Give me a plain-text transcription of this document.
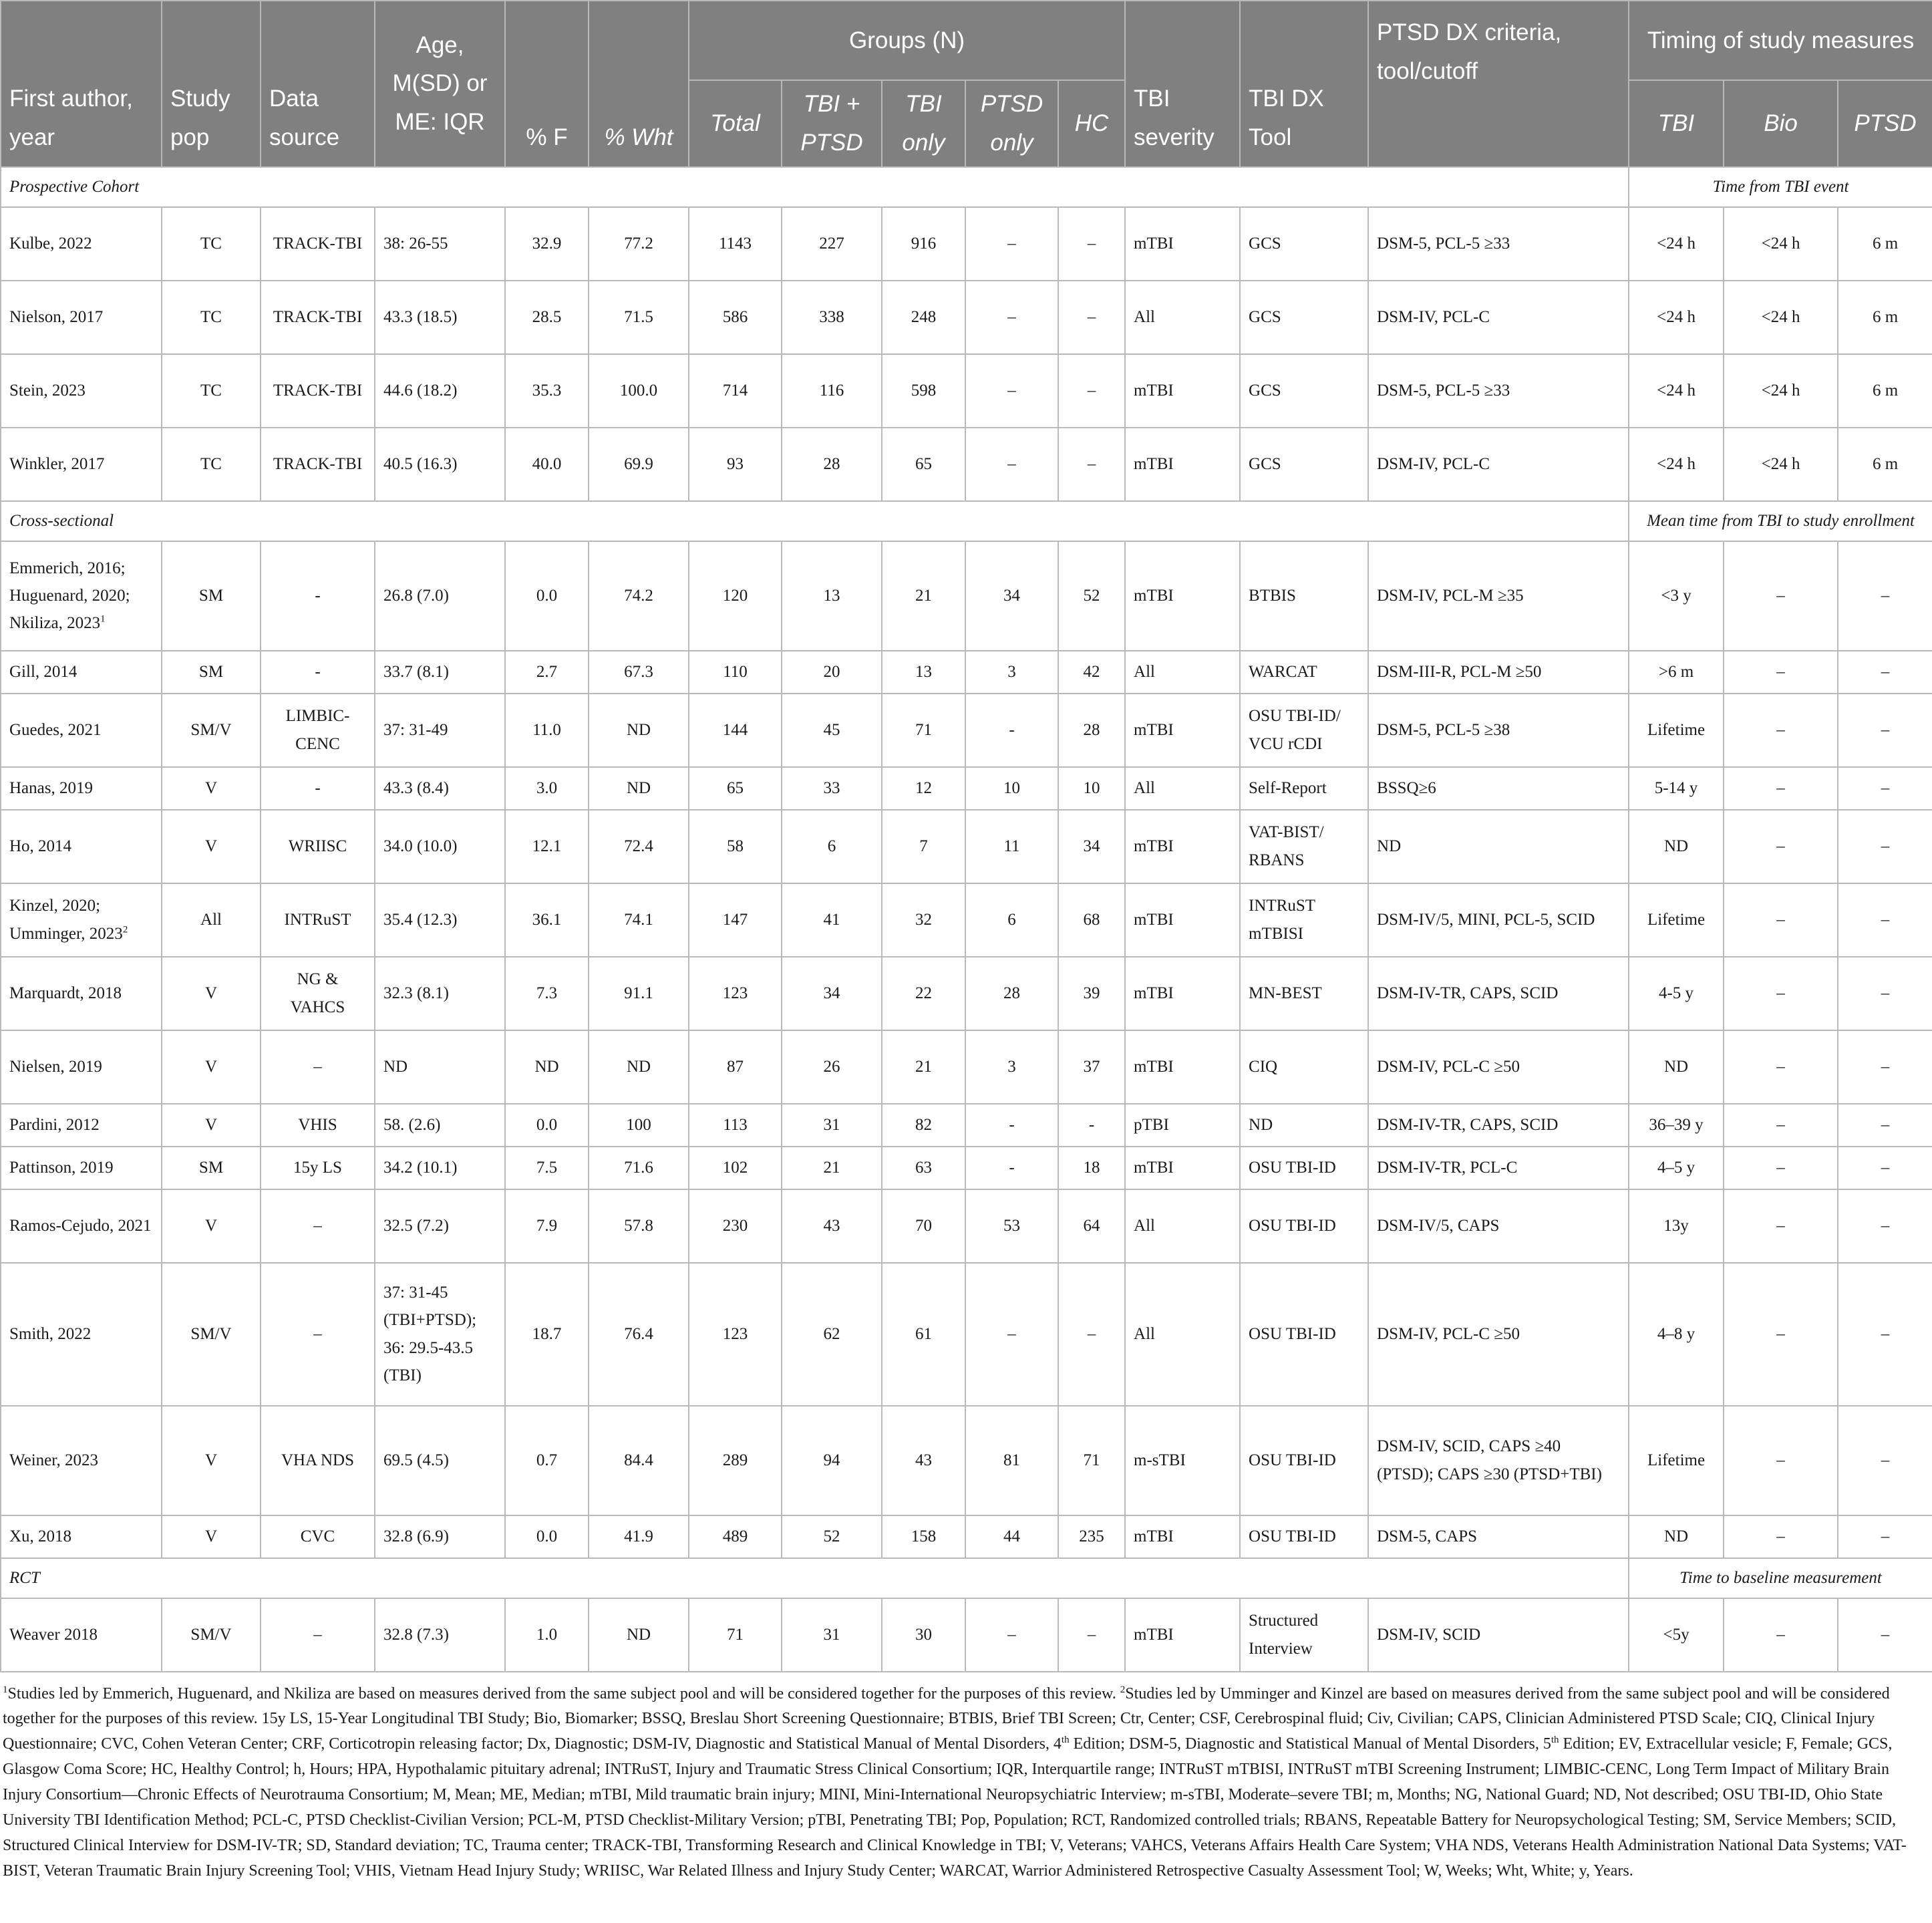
First author, year	Study pop	Data source	Age, M(SD) or ME: IQR	% F	% Wht	Groups (N)					TBI severity	TBI DX Tool	PTSD DX criteria, tool/cutoff	Timing of study measures		
						Total	TBI + PTSD	TBI only	PTSD only	HC				TBI	Bio	PTSD
Prospective Cohort														Time from TBI event		
Kulbe, 2022	TC	TRACK-TBI	38: 26-55	32.9	77.2	1143	227	916	–	–	mTBI	GCS	DSM-5, PCL-5 ≥33	<24 h	<24 h	6 m
Nielson, 2017	TC	TRACK-TBI	43.3 (18.5)	28.5	71.5	586	338	248	–	–	All	GCS	DSM-IV, PCL-C	<24 h	<24 h	6 m
Stein, 2023	TC	TRACK-TBI	44.6 (18.2)	35.3	100.0	714	116	598	–	–	mTBI	GCS	DSM-5, PCL-5 ≥33	<24 h	<24 h	6 m
Winkler, 2017	TC	TRACK-TBI	40.5 (16.3)	40.0	69.9	93	28	65	–	–	mTBI	GCS	DSM-IV, PCL-C	<24 h	<24 h	6 m
Cross-sectional														Mean time from TBI to study enrollment		
Emmerich, 2016; Huguenard, 2020; Nkiliza, 2023$^1$	SM	-	26.8 (7.0)	0.0	74.2	120	13	21	34	52	mTBI	BTBIS	DSM-IV, PCL-M ≥35	<3 y	–	–
Gill, 2014	SM	-	33.7 (8.1)	2.7	67.3	110	20	13	3	42	All	WARCAT	DSM-III-R, PCL-M ≥50	>6 m	–	–
Guedes, 2021	SM/V	LIMBIC-CENC	37: 31-49	11.0	ND	144	45	71	-	28	mTBI	OSU TBI-ID/ VCU rCDI	DSM-5, PCL-5 ≥38	Lifetime	–	–
Hanas, 2019	V	-	43.3 (8.4)	3.0	ND	65	33	12	10	10	All	Self-Report	BSSQ≥6	5-14 y	–	–
Ho, 2014	V	WRIISC	34.0 (10.0)	12.1	72.4	58	6	7	11	34	mTBI	VAT-BIST/ RBANS	ND	ND	–	–
Kinzel, 2020; Umminger, 2023$^2$	All	INTRuST	35.4 (12.3)	36.1	74.1	147	41	32	6	68	mTBI	INTRuST mTBISI	DSM-IV/5, MINI, PCL-5, SCID	Lifetime	–	–
Marquardt, 2018	V	NG & VAHCS	32.3 (8.1)	7.3	91.1	123	34	22	28	39	mTBI	MN-BEST	DSM-IV-TR, CAPS, SCID	4-5 y	–	–
Nielsen, 2019	V	–	ND	ND	ND	87	26	21	3	37	mTBI	CIQ	DSM-IV, PCL-C ≥50	ND	–	–
Pardini, 2012	V	VHIS	58. (2.6)	0.0	100	113	31	82	-	-	pTBI	ND	DSM-IV-TR, CAPS, SCID	36–39 y	–	–
Pattinson, 2019	SM	15y LS	34.2 (10.1)	7.5	71.6	102	21	63	-	18	mTBI	OSU TBI-ID	DSM-IV-TR, PCL-C	4–5 y	–	–
Ramos-Cejudo, 2021	V	–	32.5 (7.2)	7.9	57.8	230	43	70	53	64	All	OSU TBI-ID	DSM-IV/5, CAPS	13y	–	–
Smith, 2022	SM/V	–	37: 31-45 (TBI+PTSD); 36: 29.5-43.5 (TBI)	18.7	76.4	123	62	61	–	–	All	OSU TBI-ID	DSM-IV, PCL-C ≥50	4–8 y	–	–
Weiner, 2023	V	VHA NDS	69.5 (4.5)	0.7	84.4	289	94	43	81	71	m-sTBI	OSU TBI-ID	DSM-IV, SCID, CAPS ≥40 (PTSD); CAPS ≥30 (PTSD+TBI)	Lifetime	–	–
Xu, 2018	V	CVC	32.8 (6.9)	0.0	41.9	489	52	158	44	235	mTBI	OSU TBI-ID	DSM-5, CAPS	ND	–	–
RCT														Time to baseline measurement		
Weaver 2018	SM/V	–	32.8 (7.3)	1.0	ND	71	31	30	–	–	mTBI	Structured Interview	DSM-IV, SCID	<5y	–	–
$^1$Studies led by Emmerich, Huguenard, and Nkiliza are based on measures derived from the same subject pool and will be considered together for the purposes of this review. $^2$Studies led by Umminger and Kinzel are based on measures derived from the same subject pool and will be considered together for the purposes of this review. 15y LS, 15-Year Longitudinal TBI Study; Bio, Biomarker; BSSQ, Breslau Short Screening Questionnaire; BTBIS, Brief TBI Screen; Ctr, Center; CSF, Cerebrospinal fluid; Civ, Civilian; CAPS, Clinician Administered PTSD Scale; CIQ, Clinical Injury Questionnaire; CVC, Cohen Veteran Center; CRF, Corticotropin releasing factor; Dx, Diagnostic; DSM-IV, Diagnostic and Statistical Manual of Mental Disorders, 4th Edition; DSM-5, Diagnostic and Statistical Manual of Mental Disorders, 5th Edition; EV, Extracellular vesicle; F, Female; GCS, Glasgow Coma Score; HC, Healthy Control; h, Hours; HPA, Hypothalamic pituitary adrenal; INTRuST, Injury and Traumatic Stress Clinical Consortium; IQR, Interquartile range; INTRuST mTBISI, INTRuST mTBI Screening Instrument; LIMBIC-CENC, Long Term Impact of Military Brain Injury Consortium—Chronic Effects of Neurotrauma Consortium; M, Mean; ME, Median; mTBI, Mild traumatic brain injury; MINI, Mini-International Neuropsychiatric Interview; m-sTBI, Moderate–severe TBI; m, Months; NG, National Guard; ND, Not described; OSU TBI-ID, Ohio State University TBI Identification Method; PCL-C, PTSD Checklist-Civilian Version; PCL-M, PTSD Checklist-Military Version; pTBI, Penetrating TBI; Pop, Population; RCT, Randomized controlled trials; RBANS, Repeatable Battery for Neuropsychological Testing; SM, Service Members; SCID, Structured Clinical Interview for DSM-IV-TR; SD, Standard deviation; TC, Trauma center; TRACK-TBI, Transforming Research and Clinical Knowledge in TBI; V, Veterans; VAHCS, Veterans Affairs Health Care System; VHA NDS, Veterans Health Administration National Data Systems; VAT-BIST, Veteran Traumatic Brain Injury Screening Tool; VHIS, Vietnam Head Injury Study; WRIISC, War Related Illness and Injury Study Center; WARCAT, Warrior Administered Retrospective Casualty Assessment Tool; W, Weeks; Wht, White; y, Years.
